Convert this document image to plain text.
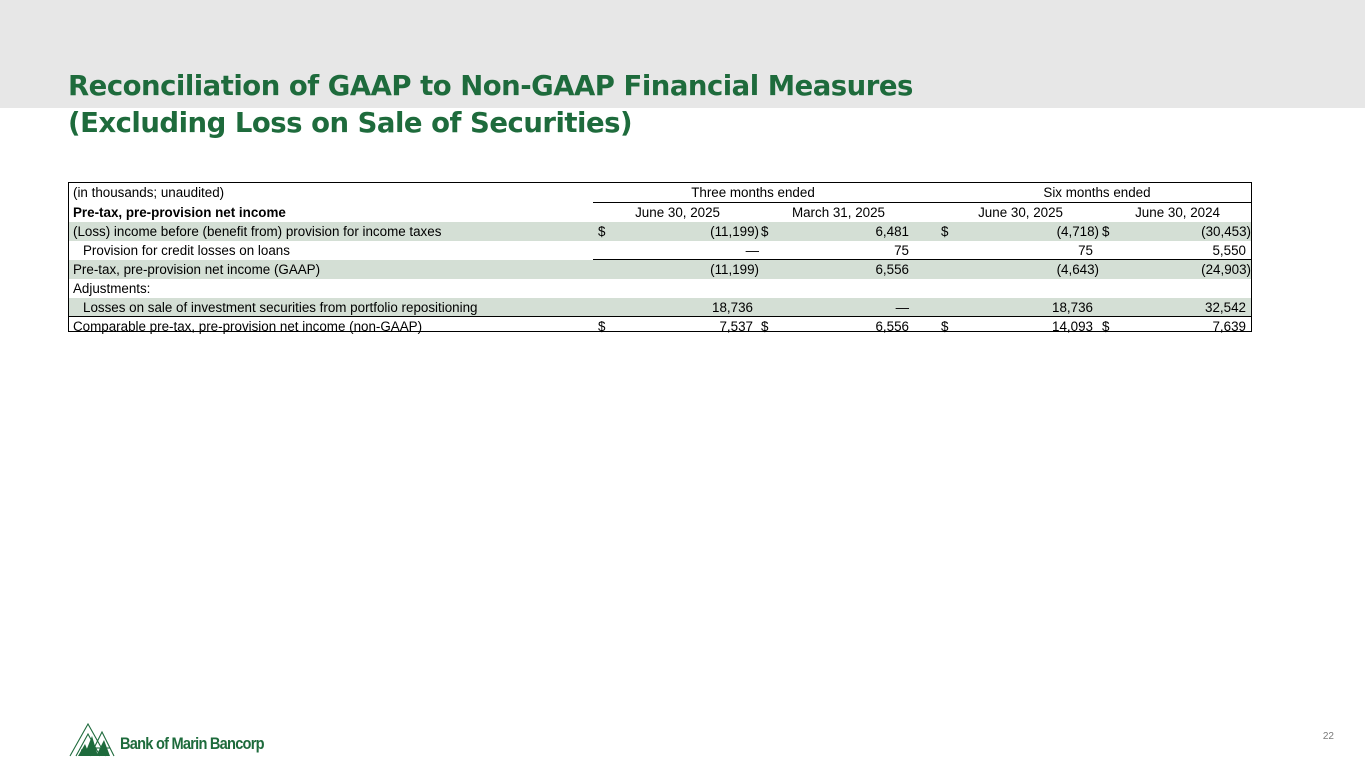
Reconciliation of GAAP to Non-GAAP Financial Measures
(Excluding Loss on Sale of Securities)
(in thousands; unaudited)	Three months ended	Six months ended
Pre-tax, pre-provision net income	June 30, 2025	March 31, 2025	June 30, 2025	June 30, 2024
(Loss) income before (benefit from) provision for income taxes	$	(11,199) $	6,481 $	(4,718) $	(30,453)
Provision for credit losses on loans	—	75	75	5,550
Pre-tax, pre-provision net income (GAAP)	(11,199)	6,556	(4,643)	(24,903)
Adjustments:
Losses on sale of investment securities from portfolio repositioning	18,736	—	18,736	32,542
Comparable pre-tax, pre-provision net income (non-GAAP)	$	7,537 $	6,556 $	14,093 $	7,639
Bank of Marin Bancorp	22
